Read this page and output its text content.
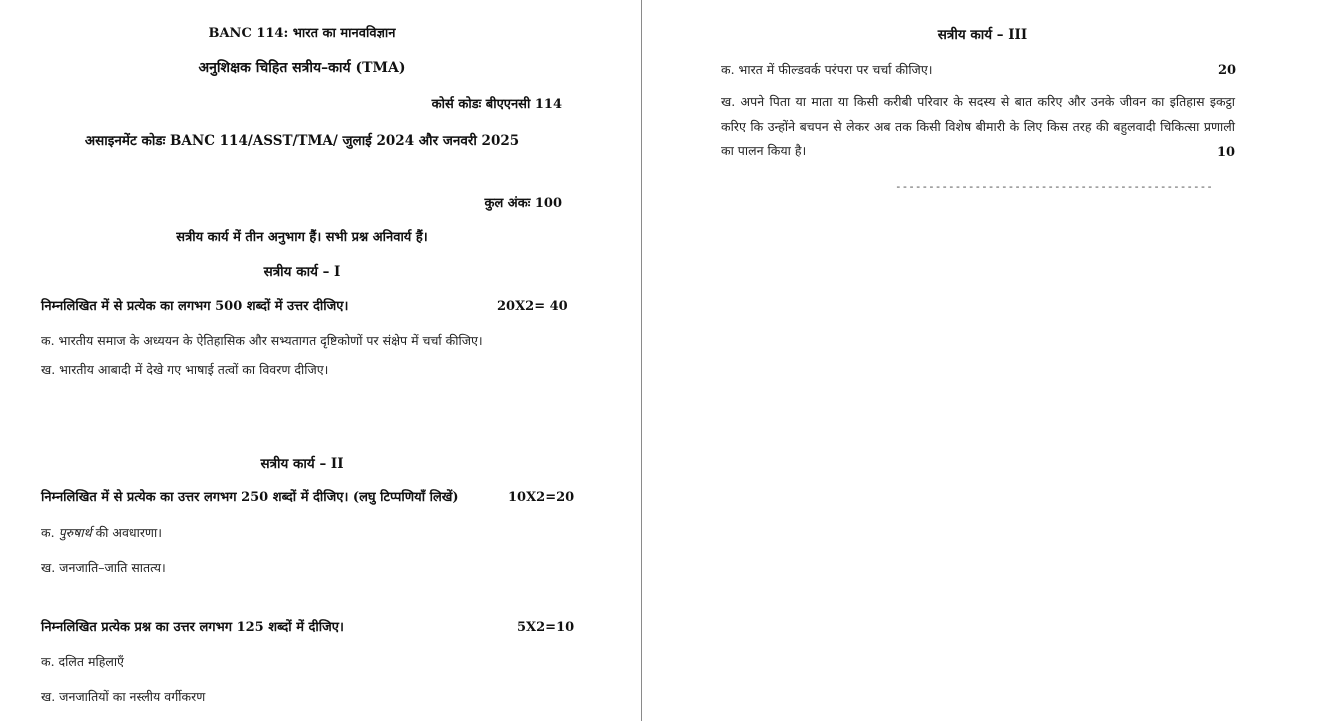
BANC 114: भारत का मानवविज्ञान
अनुशिक्षक चिहित सत्रीय–कार्य (TMA)
कोर्स कोडः बीएएनसी 114
असाइनमेंट कोडः BANC 114/ASST/TMA/ जुलाई 2024 और जनवरी 2025
कुल अंकः 100
सत्रीय कार्य में तीन अनुभाग हैं। सभी प्रश्न अनिवार्य हैं।
सत्रीय कार्य – I
निम्नलिखित में से प्रत्येक का लगभग 500 शब्दों में उत्तर दीजिए।	20X2= 40
क. भारतीय समाज के अध्ययन के ऐतिहासिक और सभ्यतागत दृष्टिकोणों पर संक्षेप में चर्चा कीजिए।
ख. भारतीय आबादी में देखे गए भाषाई तत्वों का विवरण दीजिए।
सत्रीय कार्य – II
निम्नलिखित में से प्रत्येक का उत्तर लगभग 250 शब्दों में दीजिए। (लघु टिप्पणियाँ लिखें)	10X2=20
क. पुरुषार्थ की अवधारणा।
ख. जनजाति–जाति सातत्य।
निम्नलिखित प्रत्येक प्रश्न का उत्तर लगभग 125 शब्दों में दीजिए।	5X2=10
क. दलित महिलाएँ
ख. जनजातियों का नस्लीय वर्गीकरण
सत्रीय कार्य – III
क. भारत में फील्डवर्क परंपरा पर चर्चा कीजिए।	20
ख. अपने पिता या माता या किसी करीबी परिवार के सदस्य से बात करिए और उनके जीवन का इतिहास इकट्ठा करिए कि उन्होंने बचपन से लेकर अब तक किसी विशेष बीमारी के लिए किस तरह की बहुलवादी चिकित्सा प्रणाली का पालन किया है।	10
------------------------------------------------
